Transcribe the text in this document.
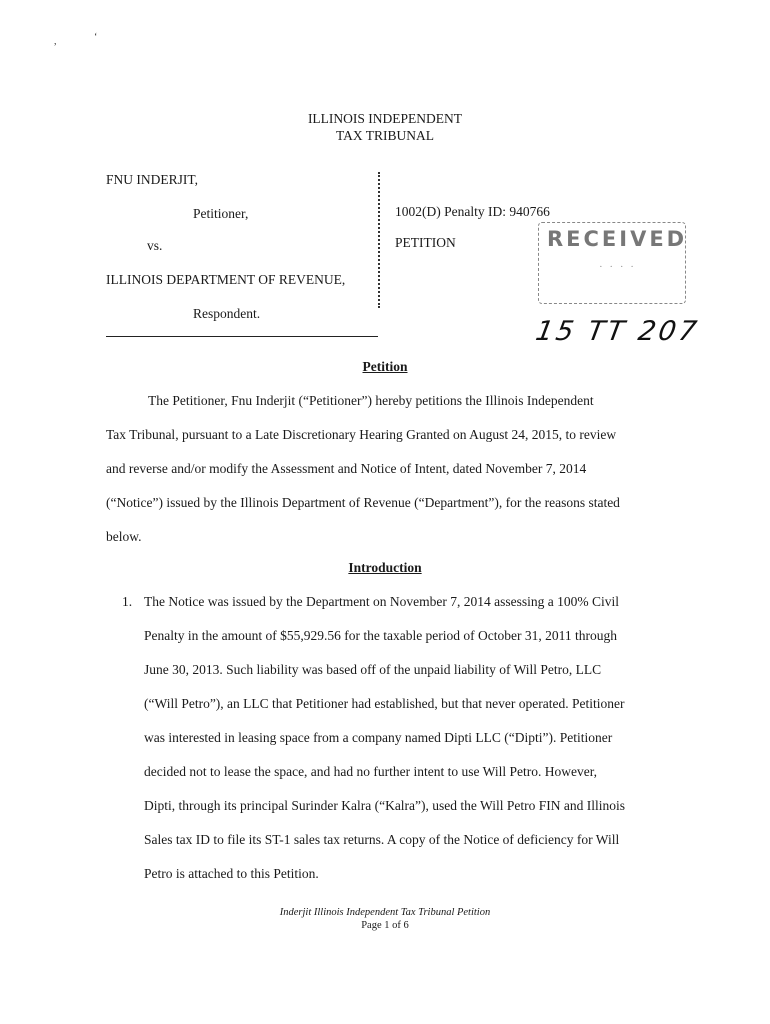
,	‘
ILLINOIS INDEPENDENT
TAX TRIBUNAL
FNU INDERJIT,
Petitioner,
vs.
ILLINOIS DEPARTMENT OF REVENUE,
Respondent.
1002(D) Penalty ID: 940766
PETITION	RECEIVED
· · · ·
15 TT 207
Petition
The Petitioner, Fnu Inderjit (“Petitioner”) hereby petitions the Illinois Independent
Tax Tribunal, pursuant to a Late Discretionary Hearing Granted on August 24, 2015, to review
and reverse and/or modify the Assessment and Notice of Intent, dated November 7, 2014
(“Notice”) issued by the Illinois Department of Revenue (“Department”), for the reasons stated
below.
Introduction
1. The Notice was issued by the Department on November 7, 2014 assessing a 100% Civil
Penalty in the amount of $55,929.56 for the taxable period of October 31, 2011 through
June 30, 2013. Such liability was based off of the unpaid liability of Will Petro, LLC
(“Will Petro”), an LLC that Petitioner had established, but that never operated. Petitioner
was interested in leasing space from a company named Dipti LLC (“Dipti”). Petitioner
decided not to lease the space, and had no further intent to use Will Petro. However,
Dipti, through its principal Surinder Kalra (“Kalra”), used the Will Petro FIN and Illinois
Sales tax ID to file its ST-1 sales tax returns. A copy of the Notice of deficiency for Will
Petro is attached to this Petition.
Inderjit Illinois Independent Tax Tribunal Petition
Page 1 of 6
